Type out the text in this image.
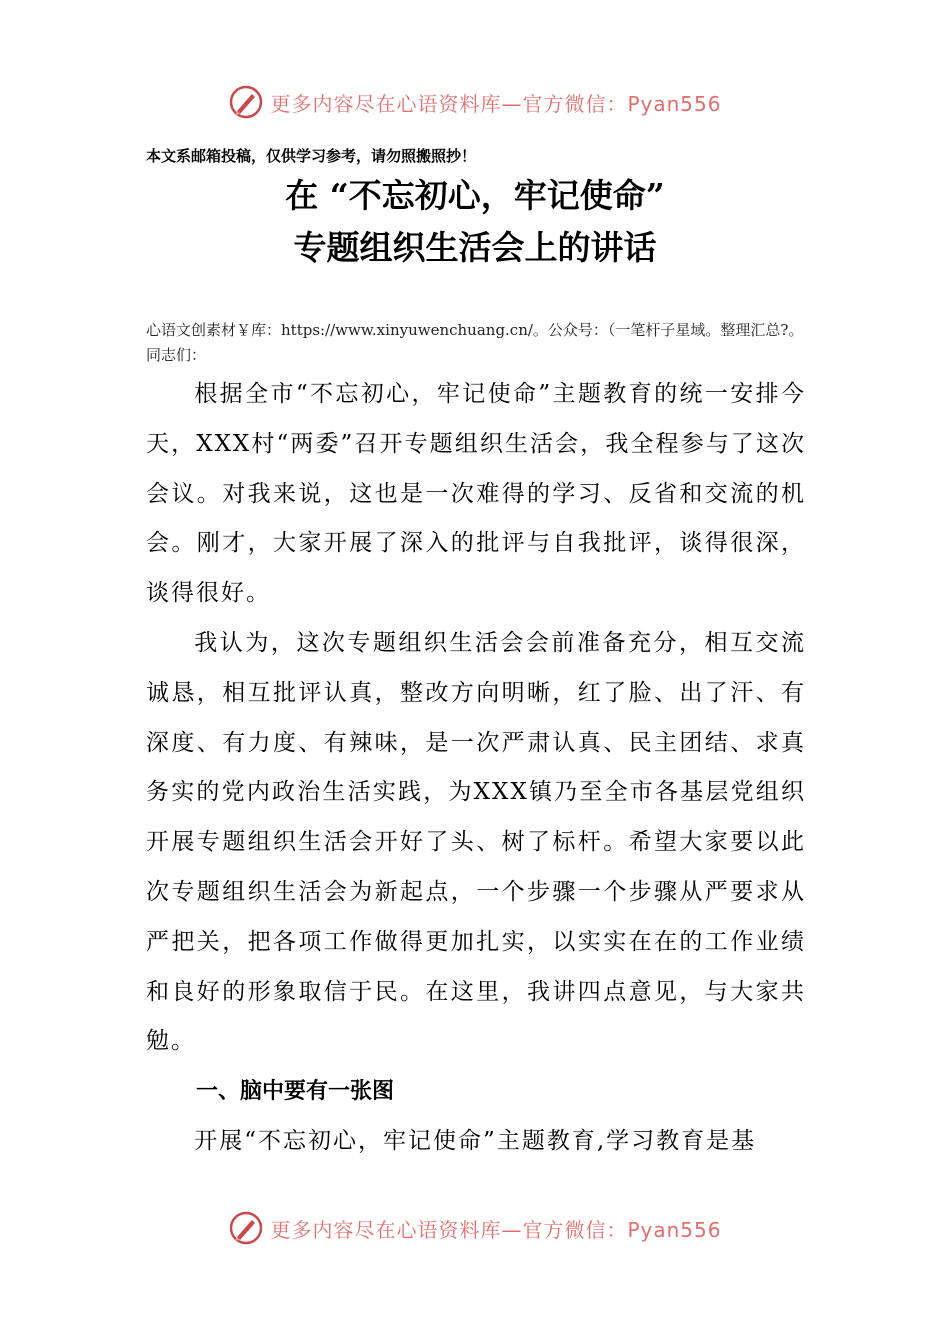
更多内容尽在心语资料库—官方微信：Pyan556
本文系邮箱投稿，仅供学习参考，请勿照搬照抄！
在 “不忘初心，牢记使命”
专题组织生活会上的讲话
心语文创素材￥库：https://www.xinyuwenchuang.cn/。公众号：（一笔杆子星域。整理汇总?。同志们：

根据全市“不忘初心，牢记使命”主题教育的统一安排今天，XXX村“两委”召开专题组织生活会，我全程参与了这次会议。对我来说，这也是一次难得的学习、反省和交流的机会。刚才，大家开展了深入的批评与自我批评，谈得很深，谈得很好。

我认为，这次专题组织生活会会前准备充分，相互交流诚恳，相互批评认真，整改方向明晰，红了脸、出了汗、有深度、有力度、有辣味，是一次严肃认真、民主团结、求真务实的党内政治生活实践，为XXX镇乃至全市各基层党组织开展专题组织生活会开好了头、树了标杆。希望大家要以此次专题组织生活会为新起点，一个步骤一个步骤从严要求从严把关，把各项工作做得更加扎实，以实实在在的工作业绩和良好的形象取信于民。在这里，我讲四点意见，与大家共勉。

一、脑中要有一张图

开展“不忘初心，牢记使命”主题教育,学习教育是基

更多内容尽在心语资料库—官方微信：Pyan556
